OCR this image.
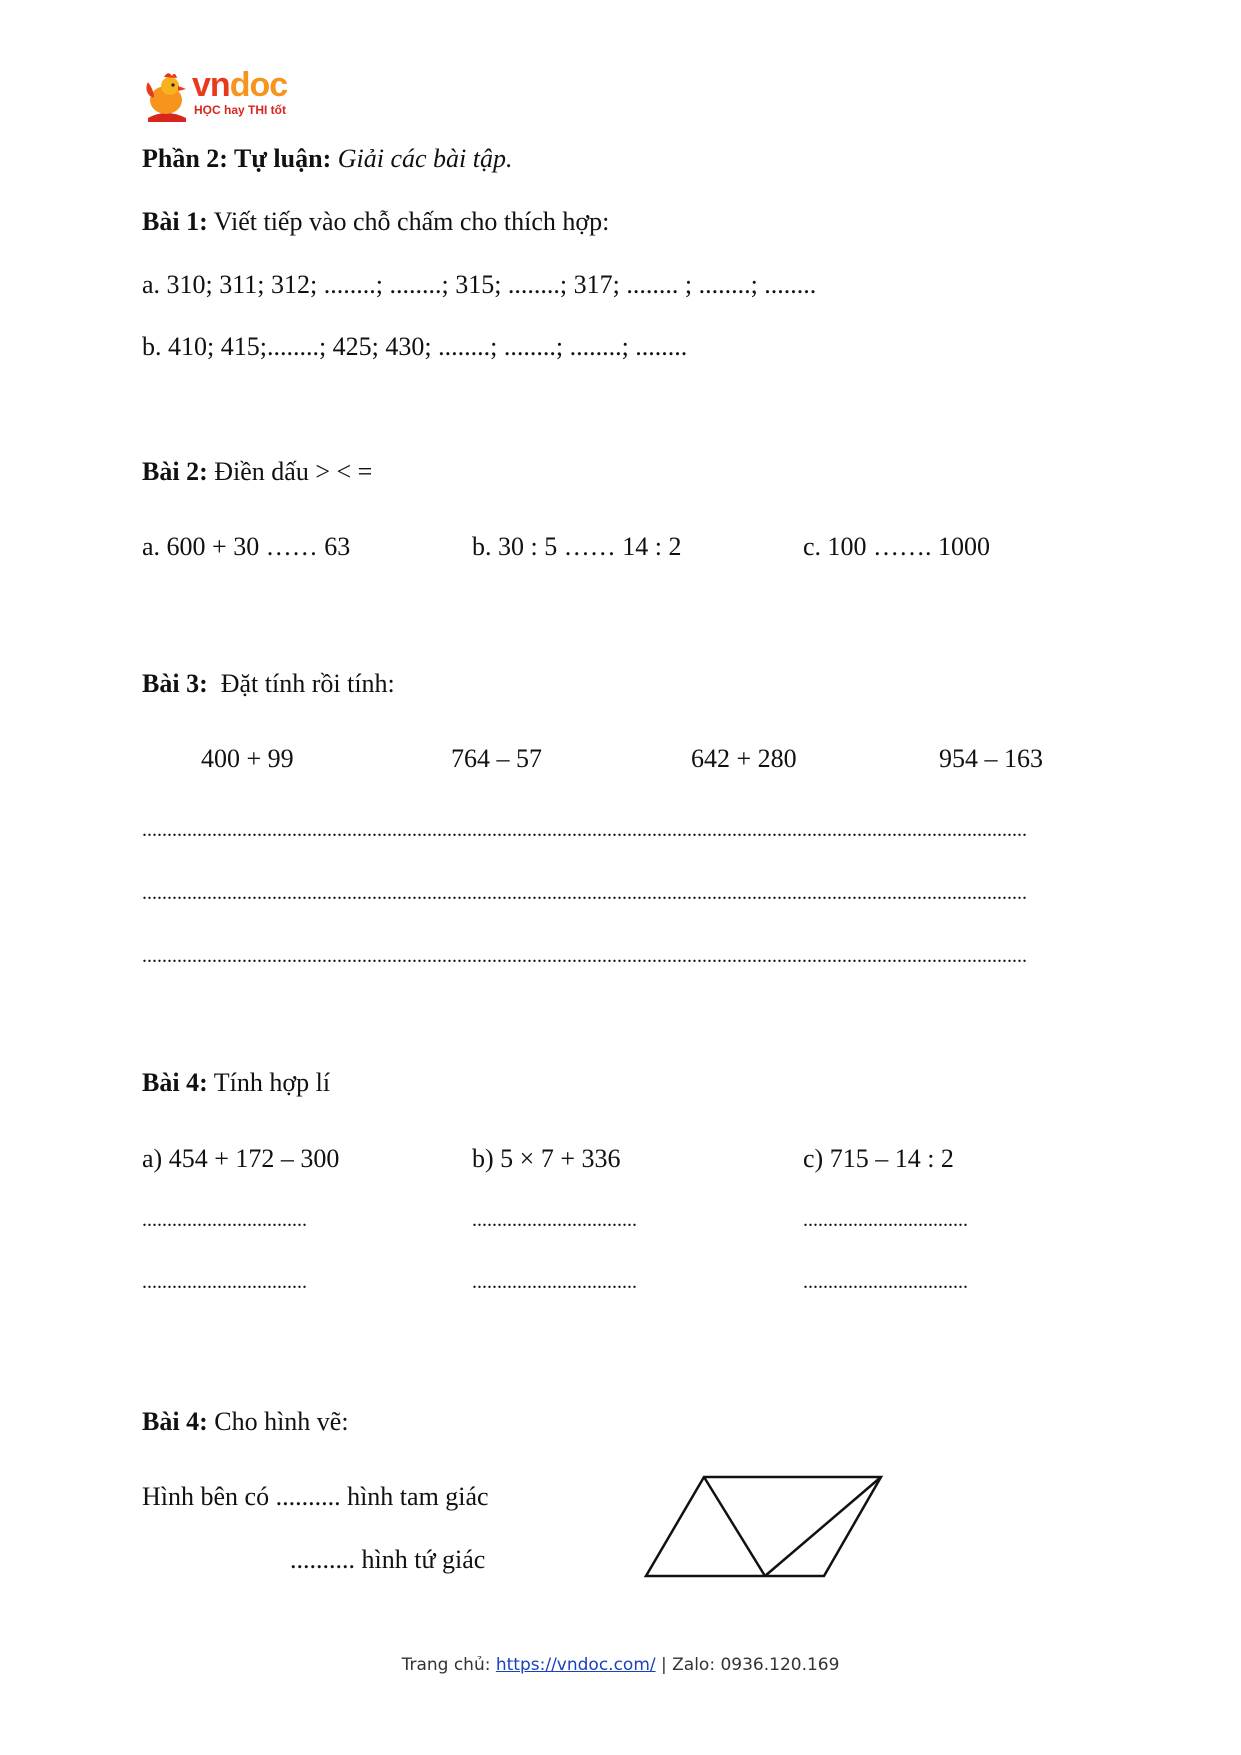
vndoc
HỌC hay THI tốt
Phần 2: Tự luận: Giải các bài tập.
Bài 1: Viết tiếp vào chỗ chấm cho thích hợp:
a. 310; 311; 312; ........; ........; 315; ........; 317; ........ ; ........; ........
b. 410; 415;........; 425; 430; ........; ........; ........; ........
Bài 2: Điền dấu > < =
a. 600 + 30 …… 63	b. 30 : 5 …… 14 : 2	c. 100 ……. 1000
Bài 3:  Đặt tính rồi tính:
400 + 99	764 – 57	642 + 280	954 – 163
.................................................................................................................................................................................
.................................................................................................................................................................................
.................................................................................................................................................................................
Bài 4: Tính hợp lí
a) 454 + 172 – 300	b) 5 × 7 + 336	c) 715 – 14 : 2
.................................	.................................	.................................
.................................	.................................	.................................
Bài 4: Cho hình vẽ:
Hình bên có .......... hình tam giác
.......... hình tứ giác
Trang chủ: https://vndoc.com/ | Zalo: 0936.120.169
